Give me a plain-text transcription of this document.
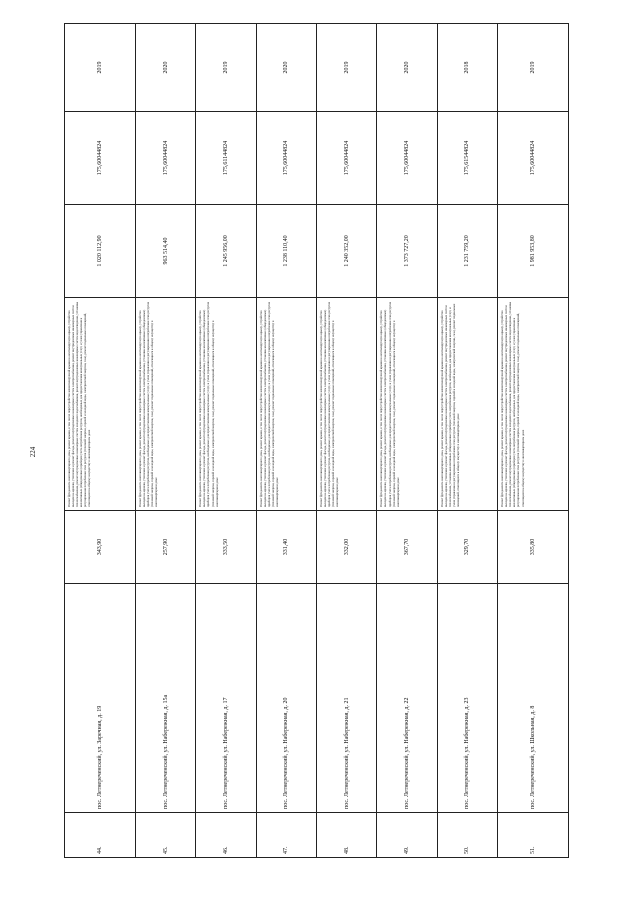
224
44.	пос. Летнереченский, ул. Заречная, д. 19	343,90	Ремонт фундамента многоквартирного дома, ремонт крыши, в том числе переустройство невентилируемой крыши на вентилируемую крышу, устройство выходов на кровлю, утепление и ремонт фасада, ремонт внутридомовых инженерных систем электроснабжения, ремонт внутридомовых инженерных систем теплоснабжения, ремонт внутридомовых инженерных систем холодного водоснабжения, ремонт внутридомовых инженерных систем водоотведения, установка коллективных (общедомовых) приборов учета потребления ресурсов, необходимых для предоставления коммунальных услуг, и узлов управления и регулирования потребления этих ресурсов (тепловой энергии, горячей и холодной воды, электрической энергии, газа), ремонт подвальных помещений, относящихся к общему имуществу в многоквартирном доме	1 020 112,90	175,60044824	2019
45.	пос. Летнереченский, ул. Набережная, д. 15а	257,90	Ремонт фундамента многоквартирного дома, ремонт крыши, в том числе переустройство невентилируемой крыши на вентилируемую крышу, устройство выходов на кровлю, утепление и ремонт фасада, ремонт внутридомовых инженерных систем электроснабжения, установка коллективных (общедомовых) приборов учета потребления ресурсов, необходимых для предоставления коммунальных услуг, и узлов управления и регулирования потребления этих ресурсов (тепловой энергии, горячей и холодной воды, электрической энергии, газа), ремонт подвальных помещений, относящихся к общему имуществу в многоквартирном доме	963 514,40	175,60044824	2020
46.	пос. Летнереченский, ул. Набережная, д. 17	333,50	Ремонт фундамента многоквартирного дома, ремонт крыши, в том числе переустройство невентилируемой крыши на вентилируемую крышу, устройство выходов на кровлю, утепление и ремонт фасада, ремонт внутридомовых инженерных систем электроснабжения, установка коллективных (общедомовых) приборов учета потребления ресурсов, необходимых для предоставления коммунальных услуг, и узлов управления и регулирования потребления этих ресурсов (тепловой энергии, горячей и холодной воды, электрической энергии, газа), ремонт подвальных помещений, относящихся к общему имуществу в многоквартирном доме	1 245 956,00	175,61144824	2019
47.	пос. Летнереченский, ул. Набережная, д. 20	331,40	Ремонт фундамента многоквартирного дома, ремонт крыши, в том числе переустройство невентилируемой крыши на вентилируемую крышу, устройство выходов на кровлю, утепление и ремонт фасада, ремонт внутридомовых инженерных систем электроснабжения, установка коллективных (общедомовых) приборов учета потребления ресурсов, необходимых для предоставления коммунальных услуг, и узлов управления и регулирования потребления этих ресурсов (тепловой энергии, горячей и холодной воды, электрической энергии, газа), ремонт подвальных помещений, относящихся к общему имуществу в многоквартирном доме	1 238 110,40	175,60044824	2020
48.	пос. Летнереченский, ул. Набережная, д. 21	332,00	Ремонт фундамента многоквартирного дома, ремонт крыши, в том числе переустройство невентилируемой крыши на вентилируемую крышу, устройство выходов на кровлю, утепление и ремонт фасада, ремонт внутридомовых инженерных систем электроснабжения, установка коллективных (общедомовых) приборов учета потребления ресурсов, необходимых для предоставления коммунальных услуг, и узлов управления и регулирования потребления этих ресурсов (тепловой энергии, горячей и холодной воды, электрической энергии, газа), ремонт подвальных помещений, относящихся к общему имуществу в многоквартирном доме	1 240 352,00	175,60044824	2019
49.	пос. Летнереченский, ул. Набережная, д. 22	367,70	Ремонт фундамента многоквартирного дома, ремонт крыши, в том числе переустройство невентилируемой крыши на вентилируемую крышу, устройство выходов на кровлю, утепление и ремонт фасада, ремонт внутридомовых инженерных систем электроснабжения, установка коллективных (общедомовых) приборов учета потребления ресурсов, необходимых для предоставления коммунальных услуг, и узлов управления и регулирования потребления этих ресурсов (тепловой энергии, горячей и холодной воды, электрической энергии, газа), ремонт подвальных помещений, относящихся к общему имуществу в многоквартирном доме	1 373 727,20	175,60044824	2020
50.	пос. Летнереченский, ул. Набережная, д. 23	329,70	Ремонт фундамента многоквартирного дома, ремонт крыши, в том числе переустройство невентилируемой крыши на вентилируемую крышу, устройство выходов на кровлю, утепление и ремонт фасада, ремонт внутридомовых инженерных систем электроснабжения, ремонт внутридомовых инженерных систем теплоснабжения, установка коллективных (общедомовых) приборов учета потребления ресурсов, необходимых для предоставления коммунальных услуг, и узлов управления и регулирования потребления этих ресурсов (тепловой энергии, горячей и холодной воды, электрической энергии, газа), ремонт подвальных помещений, относящихся к общему имуществу в многоквартирном доме	1 231 759,20	175,61544824	2018
51.	пос. Летнереченский, ул. Школьная, д. 8	335,80	Ремонт фундамента многоквартирного дома, ремонт крыши, в том числе переустройство невентилируемой крыши на вентилируемую крышу, устройство выходов на кровлю, утепление и ремонт фасада, ремонт внутридомовых инженерных систем электроснабжения, ремонт внутридомовых инженерных систем теплоснабжения, ремонт внутридомовых инженерных систем холодного водоснабжения, ремонт внутридомовых инженерных систем водоотведения, установка коллективных (общедомовых) приборов учета потребления ресурсов, необходимых для предоставления коммунальных услуг, и узлов управления и регулирования потребления этих ресурсов (тепловой энергии, горячей и холодной воды, электрической энергии, газа), ремонт подвальных помещений, относящихся к общему имуществу в многоквартирном доме	1 981 953,80	175,60044824	2019
